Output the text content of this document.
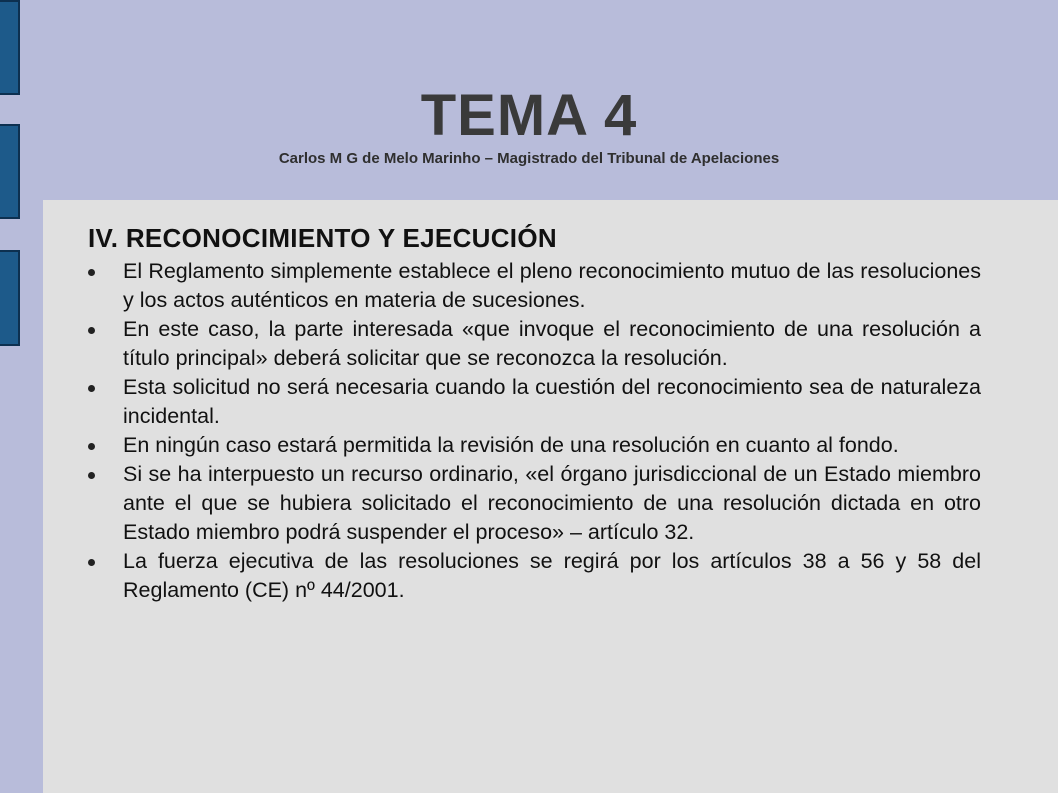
TEMA 4
Carlos M G de Melo Marinho – Magistrado del Tribunal de Apelaciones
IV. RECONOCIMIENTO Y EJECUCIÓN
El Reglamento simplemente establece el pleno reconocimiento mutuo de las resoluciones y los actos auténticos en materia de sucesiones.
En este caso, la parte interesada «que invoque el reconocimiento de una resolución a título principal» deberá solicitar que se reconozca la resolución.
Esta solicitud no será necesaria cuando la cuestión del reconocimiento sea de naturaleza incidental.
En ningún caso estará permitida la revisión de una resolución en cuanto al fondo.
Si se ha interpuesto un recurso ordinario, «el órgano jurisdiccional de un Estado miembro ante el que se hubiera solicitado el reconocimiento de una resolución dictada en otro Estado miembro podrá suspender el proceso» – artículo 32.
La fuerza ejecutiva de las resoluciones se regirá por los artículos 38 a 56 y 58 del Reglamento (CE) nº 44/2001.
